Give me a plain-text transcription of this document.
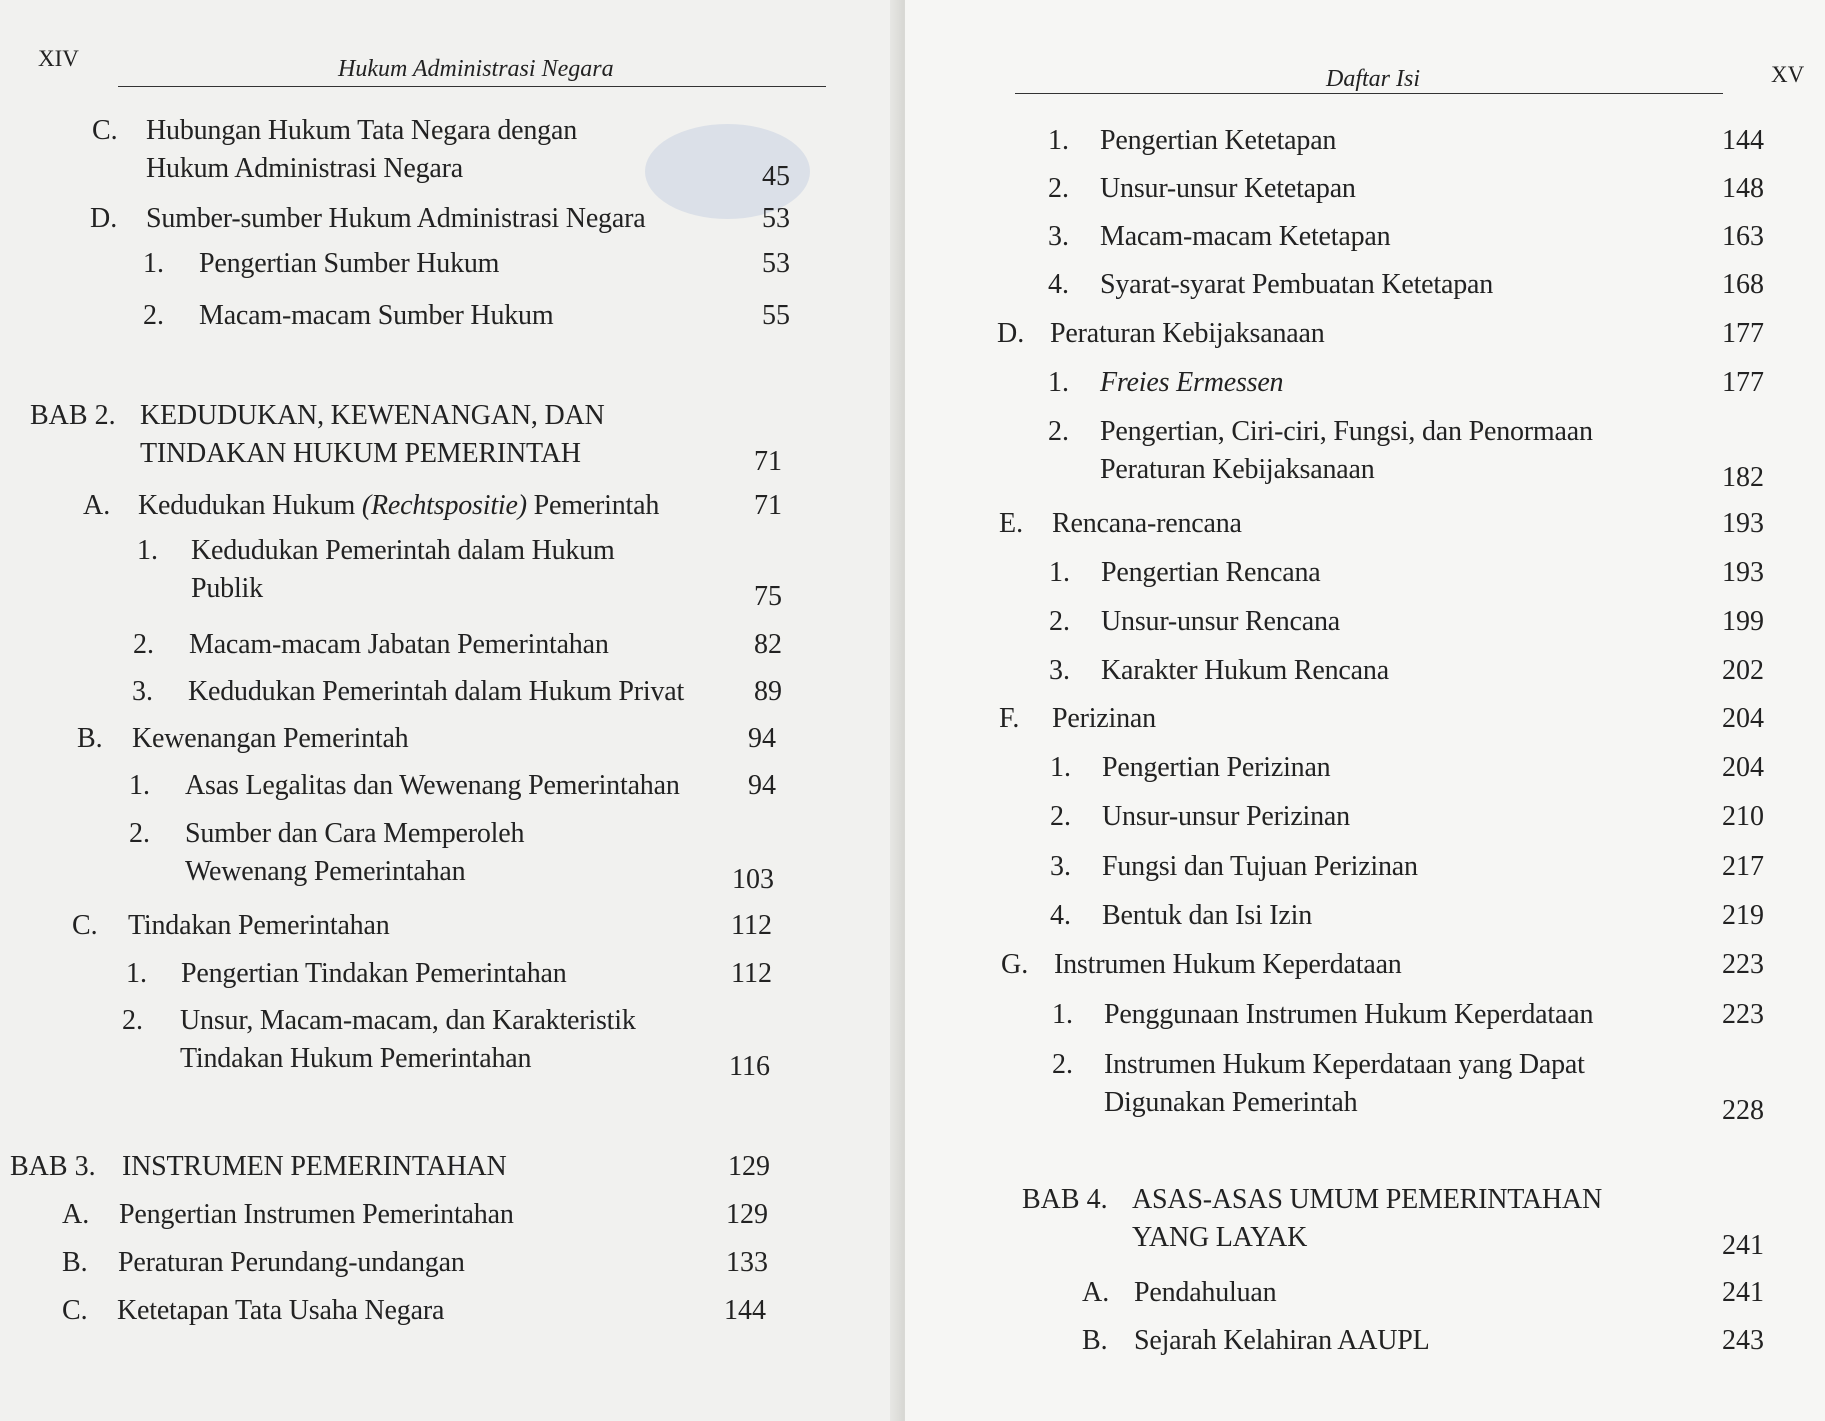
XIV	Hukum Administrasi Negara
C. Hubungan Hukum Tata Negara dengan
Hukum Administrasi Negara	45
D. Sumber-sumber Hukum Administrasi Negara	53
1. Pengertian Sumber Hukum	53
2. Macam-macam Sumber Hukum	55
BAB 2. KEDUDUKAN, KEWENANGAN, DAN
TINDAKAN HUKUM PEMERINTAH	71
A. Kedudukan Hukum (Rechtspositie) Pemerintah	71
1. Kedudukan Pemerintah dalam Hukum
Publik	75
2. Macam-macam Jabatan Pemerintahan	82
3. Kedudukan Pemerintah dalam Hukum Privat	89
B. Kewenangan Pemerintah	94
1. Asas Legalitas dan Wewenang Pemerintahan	94
2. Sumber dan Cara Memperoleh
Wewenang Pemerintahan	103
C. Tindakan Pemerintahan	112
1. Pengertian Tindakan Pemerintahan	112
2. Unsur, Macam-macam, dan Karakteristik
Tindakan Hukum Pemerintahan	116
BAB 3. INSTRUMEN PEMERINTAHAN	129
A. Pengertian Instrumen Pemerintahan	129
B. Peraturan Perundang-undangan	133
C. Ketetapan Tata Usaha Negara	144
Daftar Isi	XV
1. Pengertian Ketetapan	144
2. Unsur-unsur Ketetapan	148
3. Macam-macam Ketetapan	163
4. Syarat-syarat Pembuatan Ketetapan	168
D. Peraturan Kebijaksanaan	177
1. Freies Ermessen	177
2. Pengertian, Ciri-ciri, Fungsi, dan Penormaan
Peraturan Kebijaksanaan	182
E. Rencana-rencana	193
1. Pengertian Rencana	193
2. Unsur-unsur Rencana	199
3. Karakter Hukum Rencana	202
F. Perizinan	204
1. Pengertian Perizinan	204
2. Unsur-unsur Perizinan	210
3. Fungsi dan Tujuan Perizinan	217
4. Bentuk dan Isi Izin	219
G. Instrumen Hukum Keperdataan	223
1. Penggunaan Instrumen Hukum Keperdataan	223
2. Instrumen Hukum Keperdataan yang Dapat
Digunakan Pemerintah	228
BAB 4. ASAS-ASAS UMUM PEMERINTAHAN
YANG LAYAK	241
A. Pendahuluan	241
B. Sejarah Kelahiran AAUPL	243
